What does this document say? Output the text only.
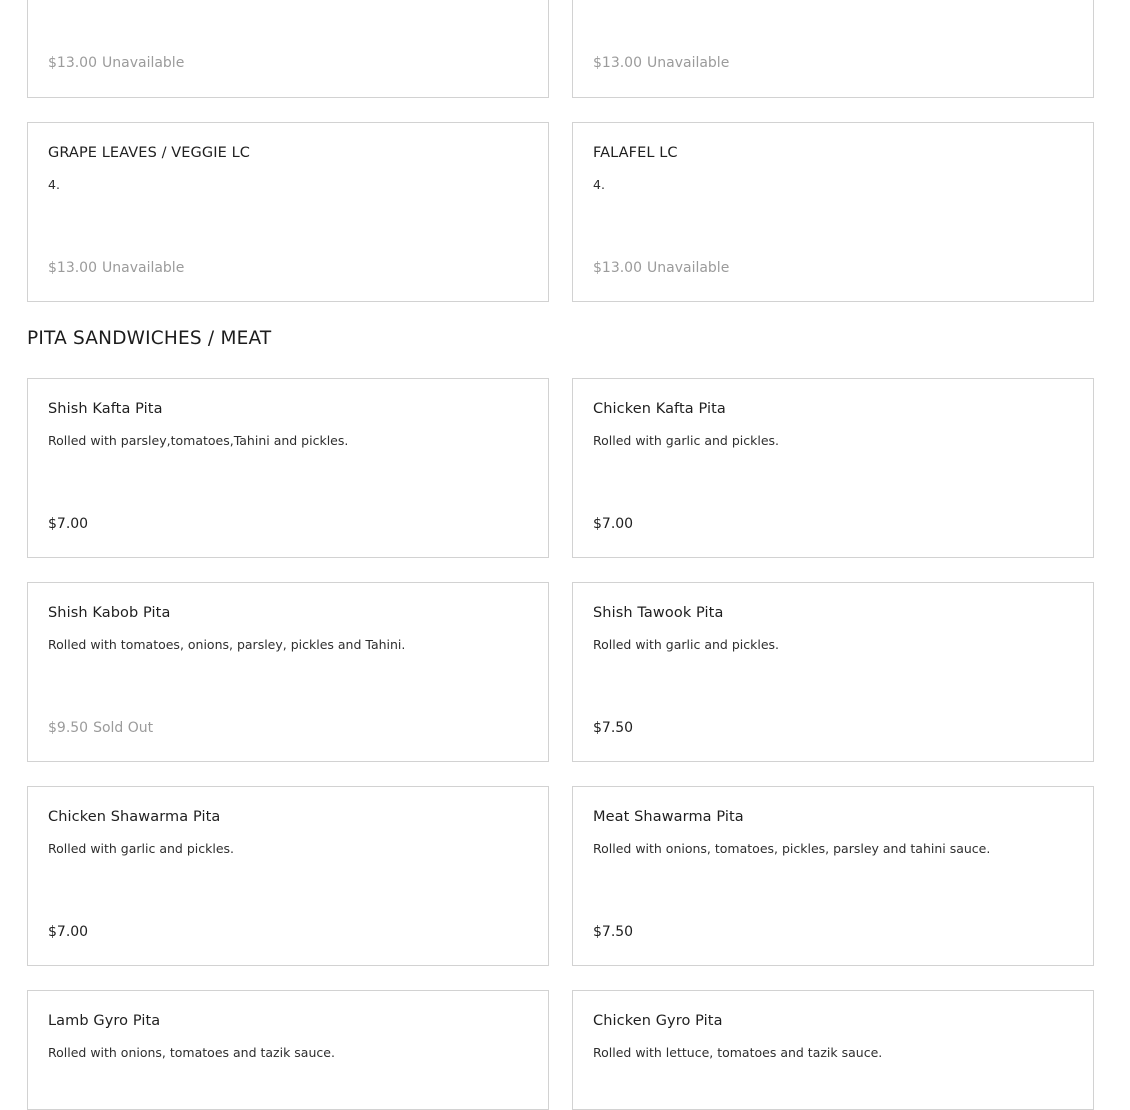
$13.00 Unavailable	$13.00 Unavailable
GRAPE LEAVES / VEGGIE LC
4.
$13.00 Unavailable
FALAFEL LC
4.
$13.00 Unavailable
PITA SANDWICHES / MEAT
Shish Kafta Pita
Rolled with parsley,tomatoes,Tahini and pickles.
$7.00
Chicken Kafta Pita
Rolled with garlic and pickles.
$7.00
Shish Kabob Pita
Rolled with tomatoes, onions, parsley, pickles and Tahini.
$9.50 Sold Out
Shish Tawook Pita
Rolled with garlic and pickles.
$7.50
Chicken Shawarma Pita
Rolled with garlic and pickles.
$7.00
Meat Shawarma Pita
Rolled with onions, tomatoes, pickles, parsley and tahini sauce.
$7.50
Lamb Gyro Pita
Rolled with onions, tomatoes and tazik sauce.
Chicken Gyro Pita
Rolled with lettuce, tomatoes and tazik sauce.
